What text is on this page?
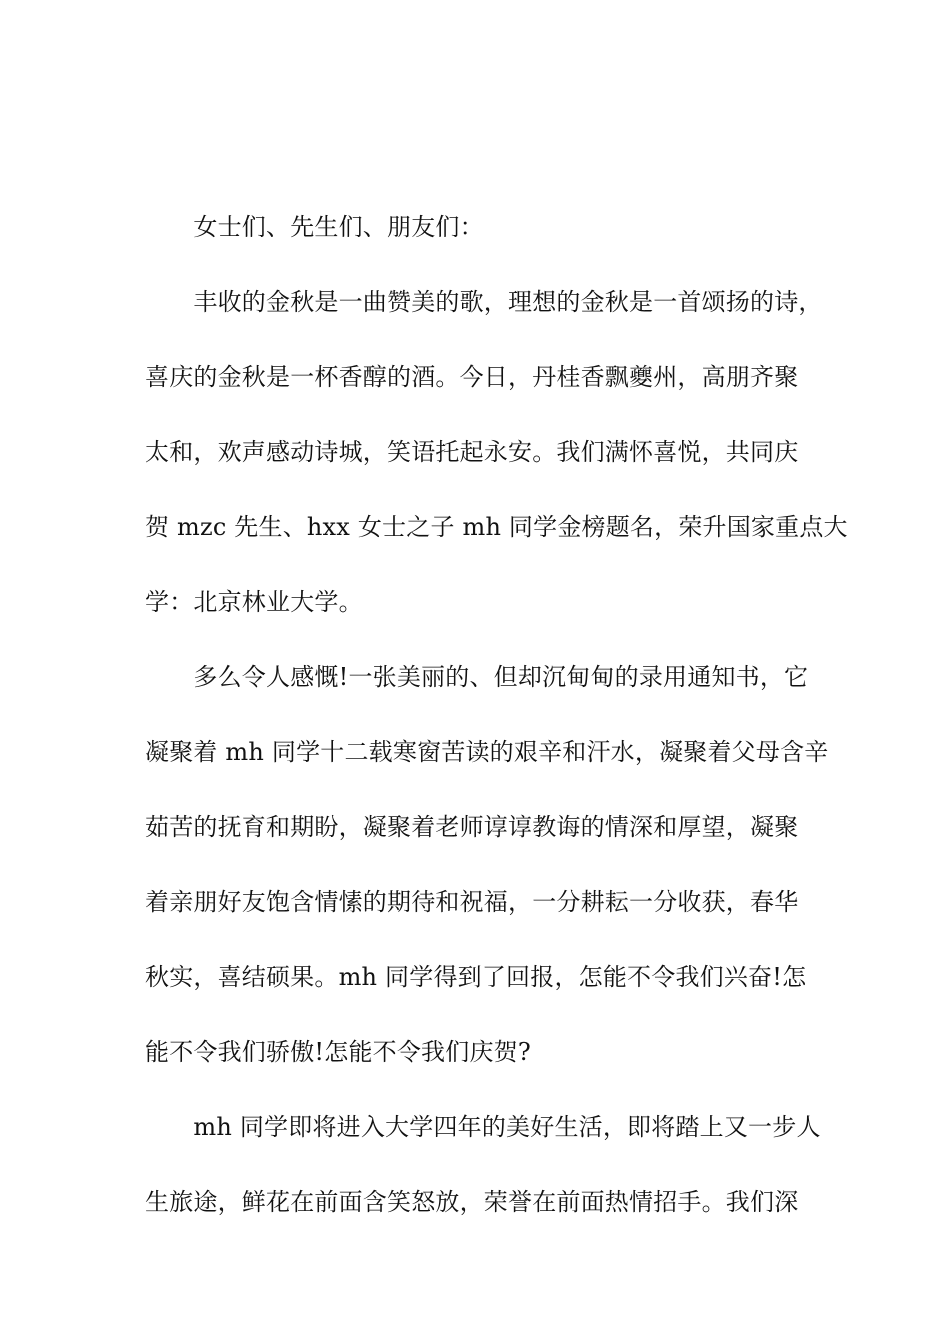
　　女士们、先生们、朋友们：
　　丰收的金秋是一曲赞美的歌，理想的金秋是一首颂扬的诗，
喜庆的金秋是一杯香醇的酒。今日，丹桂香飘夔州，高朋齐聚
太和，欢声感动诗城，笑语托起永安。我们满怀喜悦，共同庆
贺 mzc 先生、hxx 女士之子 mh 同学金榜题名，荣升国家重点大
学：北京林业大学。
　　多么令人感慨!一张美丽的、但却沉甸甸的录用通知书，它
凝聚着 mh 同学十二载寒窗苦读的艰辛和汗水，凝聚着父母含辛
茹苦的抚育和期盼，凝聚着老师谆谆教诲的情深和厚望，凝聚
着亲朋好友饱含情愫的期待和祝福，一分耕耘一分收获，春华
秋实，喜结硕果。mh 同学得到了回报，怎能不令我们兴奋!怎
能不令我们骄傲!怎能不令我们庆贺?
　　mh 同学即将进入大学四年的美好生活，即将踏上又一步人
生旅途，鲜花在前面含笑怒放，荣誉在前面热情招手。我们深
